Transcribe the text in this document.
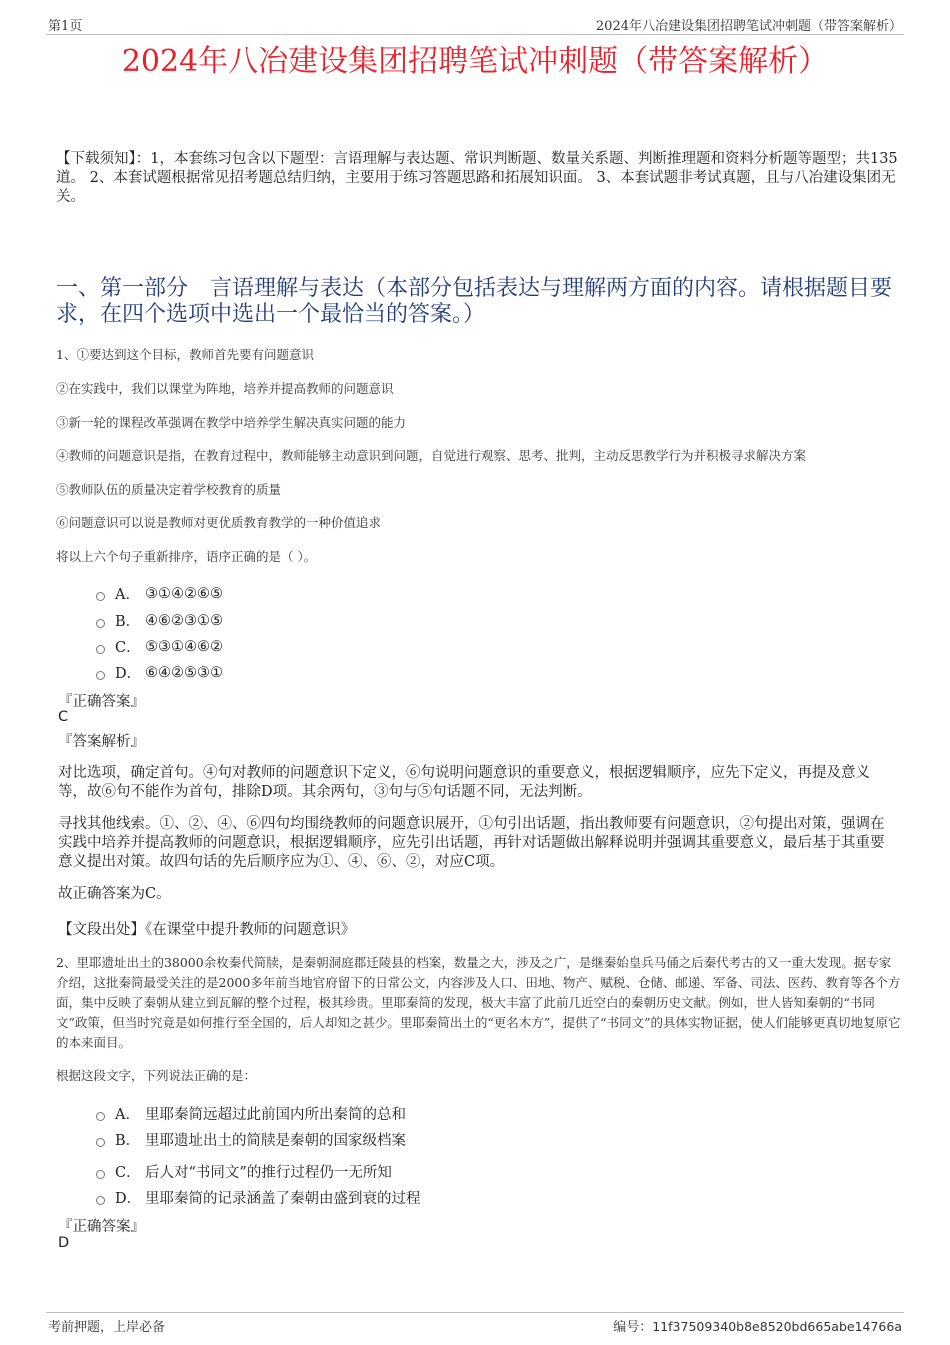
第1页	2024年八冶建设集团招聘笔试冲刺题（带答案解析）
2024年八冶建设集团招聘笔试冲刺题（带答案解析）
【下载须知】：1，本套练习包含以下题型：言语理解与表达题、常识判断题、数量关系题、判断推理题和资料分析题等题型；共135道。 2、本套试题根据常见招考题总结归纳，主要用于练习答题思路和拓展知识面。 3、本套试题非考试真题，且与八冶建设集团无关。
一、第一部分　言语理解与表达（本部分包括表达与理解两方面的内容。请根据题目要求，在四个选项中选出一个最恰当的答案。）
1、①要达到这个目标，教师首先要有问题意识
②在实践中，我们以课堂为阵地，培养并提高教师的问题意识
③新一轮的课程改革强调在教学中培养学生解决真实问题的能力
④教师的问题意识是指，在教育过程中，教师能够主动意识到问题，自觉进行观察、思考、批判，主动反思教学行为并积极寻求解决方案
⑤教师队伍的质量决定着学校教育的质量
⑥问题意识可以说是教师对更优质教育教学的一种价值追求
将以上六个句子重新排序，语序正确的是（ ）。
A． ③①④②⑥⑤
B． ④⑥②③①⑤
C． ⑤③①④⑥②
D． ⑥④②⑤③①
『正确答案』
C
『答案解析』
对比选项，确定首句。④句对教师的问题意识下定义，⑥句说明问题意识的重要意义，根据逻辑顺序，应先下定义，再提及意义等，故⑥句不能作为首句，排除D项。其余两句，③句与⑤句话题不同，无法判断。
寻找其他线索。①、②、④、⑥四句均围绕教师的问题意识展开，①句引出话题，指出教师要有问题意识，②句提出对策，强调在实践中培养并提高教师的问题意识，根据逻辑顺序，应先引出话题，再针对话题做出解释说明并强调其重要意义，最后基于其重要意义提出对策。故四句话的先后顺序应为①、④、⑥、②，对应C项。
故正确答案为C。
【文段出处】《在课堂中提升教师的问题意识》
2、里耶遗址出土的38000余枚秦代简牍，是秦朝洞庭郡迁陵县的档案，数量之大，涉及之广，是继秦始皇兵马俑之后秦代考古的又一重大发现。据专家介绍，这批秦简最受关注的是2000多年前当地官府留下的日常公文，内容涉及人口、田地、物产、赋税、仓储、邮递、军备、司法、医药、教育等各个方面，集中反映了秦朝从建立到瓦解的整个过程，极其珍贵。里耶秦简的发现，极大丰富了此前几近空白的秦朝历史文献。例如，世人皆知秦朝的“书同文”政策，但当时究竟是如何推行至全国的，后人却知之甚少。里耶秦简出土的“更名木方”，提供了“书同文”的具体实物证据，使人们能够更真切地复原它的本来面目。
根据这段文字，下列说法正确的是：
A． 里耶秦简远超过此前国内所出秦简的总和
B． 里耶遗址出土的简牍是秦朝的国家级档案
C． 后人对“书同文”的推行过程仍一无所知
D． 里耶秦简的记录涵盖了秦朝由盛到衰的过程
『正确答案』
D
考前押题，上岸必备	编号：11f37509340b8e8520bd665abe14766a
